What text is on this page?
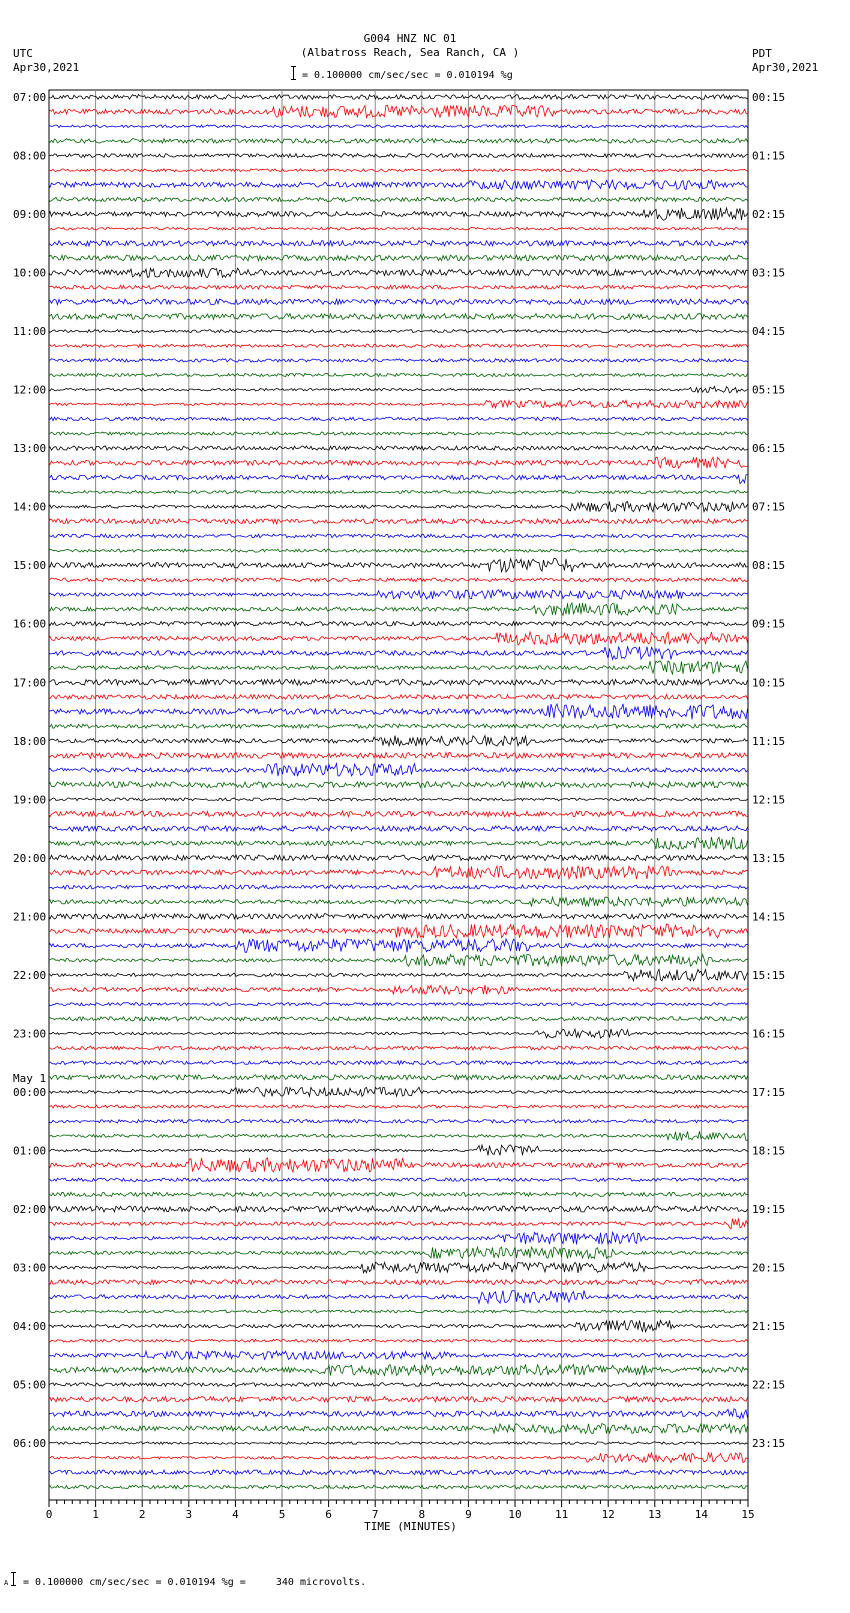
G004 HNZ NC 01
(Albatross Reach, Sea Ranch, CA )
UTC
Apr30,2021
PDT
Apr30,2021
= 0.100000 cm/sec/sec = 0.010194 %g
07:00
08:00
09:00
10:00
11:00
12:00
13:00
14:00
15:00
16:00
17:00
18:00
19:00
20:00
21:00
22:00
23:00
00:00
01:00
02:00
03:00
04:00
05:00
06:00
00:15
01:15
02:15
03:15
04:15
05:15
06:15
07:15
08:15
09:15
10:15
11:15
12:15
13:15
14:15
15:15
16:15
17:15
18:15
19:15
20:15
21:15
22:15
23:15
May 1
0	1	2	3	4	5	6	7	8	9	10	11	12	13	14	15
TIME (MINUTES)
A = 0.100000 cm/sec/sec = 0.010194 %g =     340 microvolts.
